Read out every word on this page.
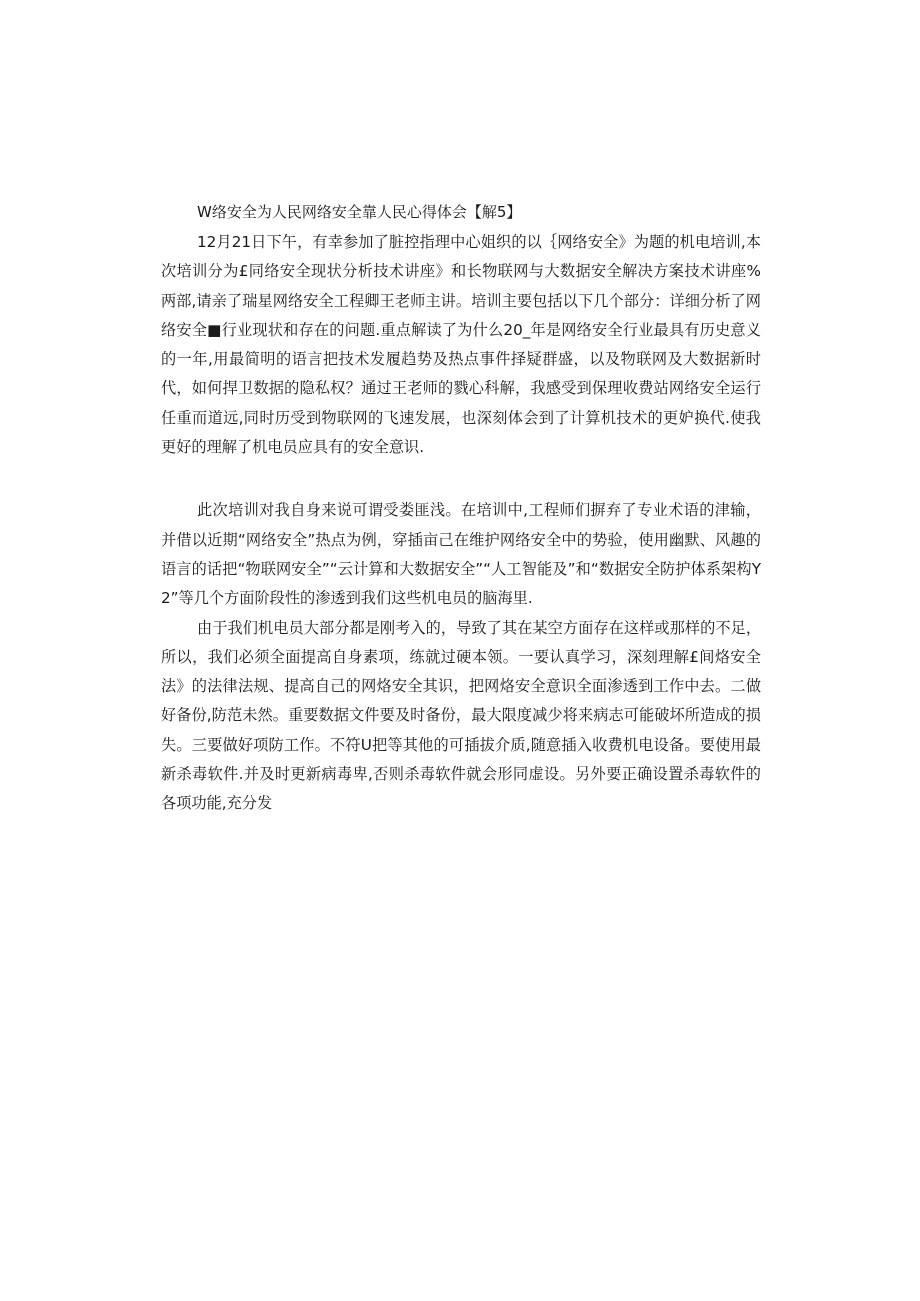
W络安全为人民网络安全靠人民心得体会【解5】

12月21日下午，有幸参加了脏控指理中心姐织的以｛网络安全》为题的机电培训,本次培训分为£同络安全现状分析技术讲座》和长物联网与大数据安全解决方案技术讲座%两部,请亲了瑞星网络安全工程卿王老师主讲。培训主要包括以下几个部分：详细分析了网络安全■行业现状和存在的问题.重点解读了为什么20_年是网络安全行业最具有历史意义的一年,用最简明的语言把技术发履趋势及热点事件择疑群盛，以及物联网及大数据新时代，如何捍卫数据的隐私权？通过王老师的戮心科解，我感受到保理收费站网络安全运行任重而道远,同时历受到物联网的飞速发展，也深刻体会到了计算机技术的更妒换代.使我更好的理解了机电员应具有的安全意识.

此次培训对我自身来说可谓受娄匪浅。在培训中,工程师们摒弃了专业术语的津输，并借以近期“网络安全”热点为例，穿插亩己在维护网络安全中的势验，使用幽默、风趣的语言的话把“物联网安全”“云计算和大数据安全”“人工智能及”和“数据安全防护体系架构Y2”等几个方面阶段性的渗透到我们这些机电员的脑海里.

由于我们机电员大部分都是刚考入的，导致了其在某空方面存在这样或那样的不足，所以，我们必须全面提高自身素项，练就过硬本领。一要认真学习，深刻理解£间烙安全法》的法律法规、提高自己的网烙安全其识，把网烙安全意识全面渗透到工作中去。二做好备份,防范未然。重要数据文件要及时备份，最大限度减少将来病志可能破坏所造成的损失。三要做好项防工作。不符U把等其他的可插拔介质,随意插入收费机电设备。要使用最新杀毒软件.并及时更新病毒卑,否则杀毒软件就会形同虚设。另外要正确设置杀毒软件的各项功能,充分发
